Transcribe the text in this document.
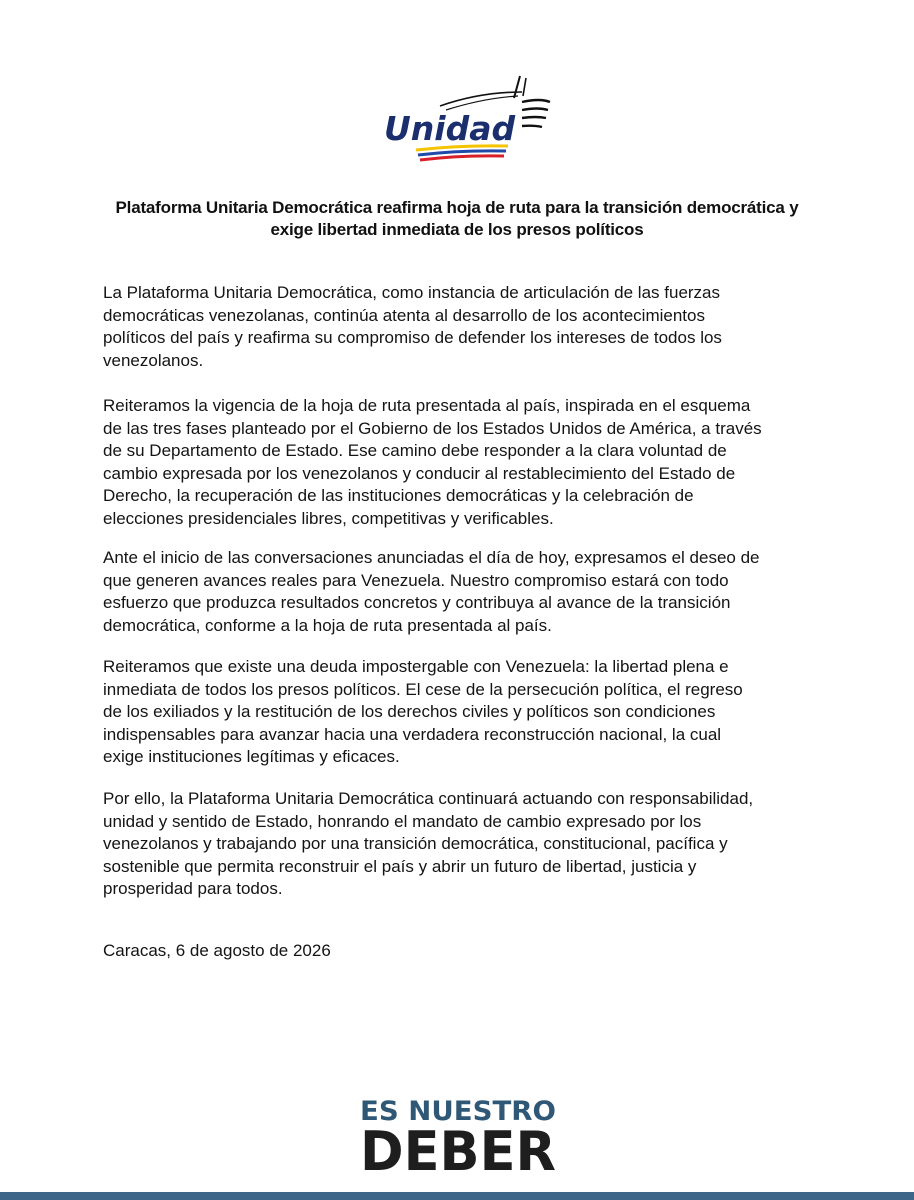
Unidad
Plataforma Unitaria Democrática reafirma hoja de ruta para la transición democrática y
exige libertad inmediata de los presos políticos

La Plataforma Unitaria Democrática, como instancia de articulación de las fuerzas
democráticas venezolanas, continúa atenta al desarrollo de los acontecimientos
políticos del país y reafirma su compromiso de defender los intereses de todos los
venezolanos.

Reiteramos la vigencia de la hoja de ruta presentada al país, inspirada en el esquema
de las tres fases planteado por el Gobierno de los Estados Unidos de América, a través
de su Departamento de Estado. Ese camino debe responder a la clara voluntad de
cambio expresada por los venezolanos y conducir al restablecimiento del Estado de
Derecho, la recuperación de las instituciones democráticas y la celebración de
elecciones presidenciales libres, competitivas y verificables.

Ante el inicio de las conversaciones anunciadas el día de hoy, expresamos el deseo de
que generen avances reales para Venezuela. Nuestro compromiso estará con todo
esfuerzo que produzca resultados concretos y contribuya al avance de la transición
democrática, conforme a la hoja de ruta presentada al país.

Reiteramos que existe una deuda impostergable con Venezuela: la libertad plena e
inmediata de todos los presos políticos. El cese de la persecución política, el regreso
de los exiliados y la restitución de los derechos civiles y políticos son condiciones
indispensables para avanzar hacia una verdadera reconstrucción nacional, la cual
exige instituciones legítimas y eficaces.

Por ello, la Plataforma Unitaria Democrática continuará actuando con responsabilidad,
unidad y sentido de Estado, honrando el mandato de cambio expresado por los
venezolanos y trabajando por una transición democrática, constitucional, pacífica y
sostenible que permita reconstruir el país y abrir un futuro de libertad, justicia y
prosperidad para todos.

Caracas, 6 de agosto de 2026

ES NUESTRO
DEBER
